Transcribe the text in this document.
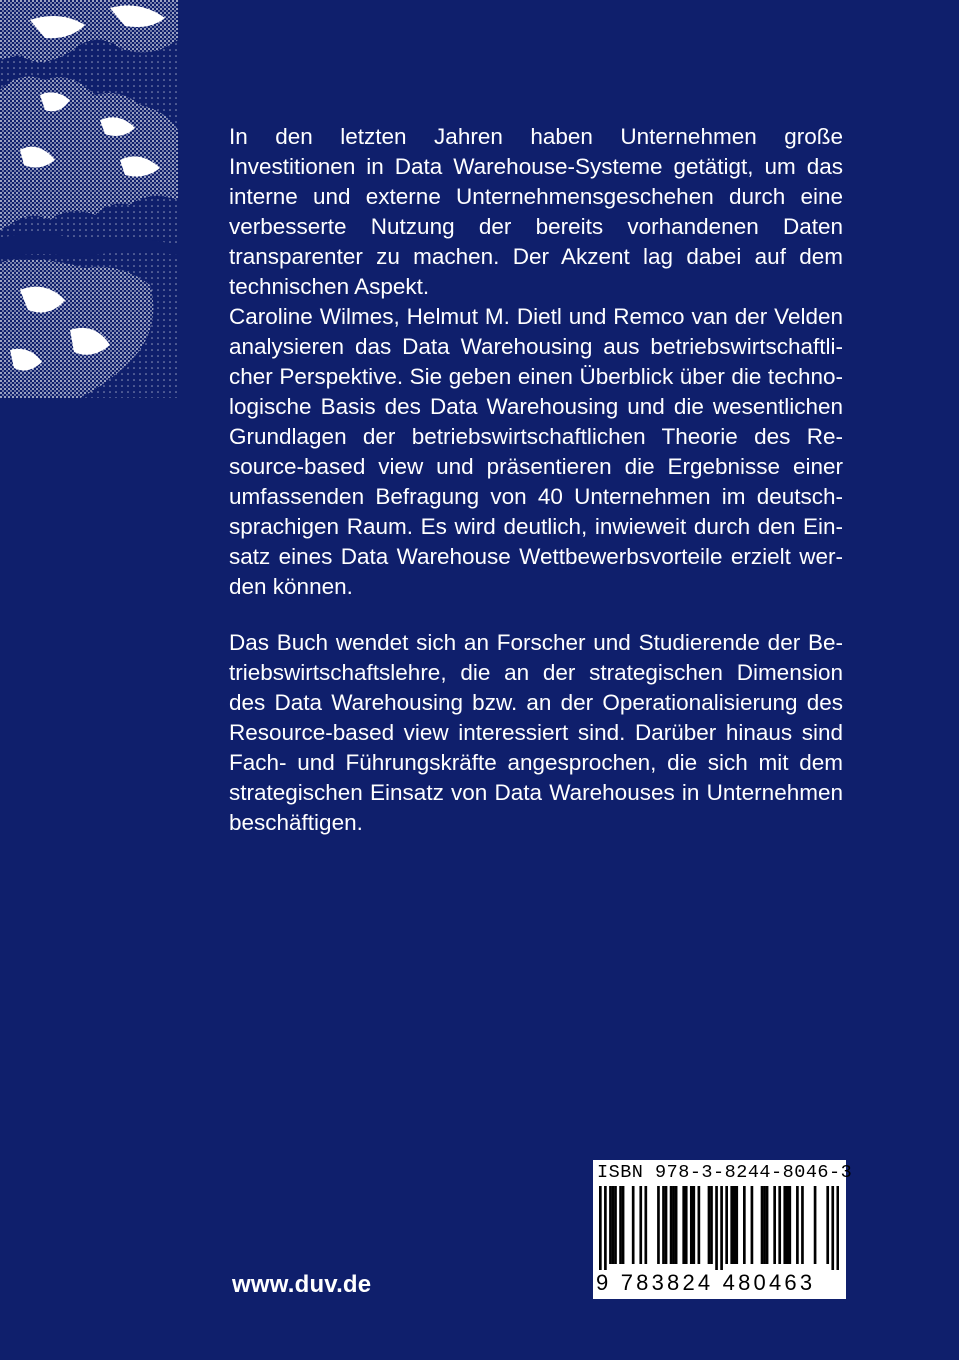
In den letzten Jahren haben Unternehmen große Investitionen in Data Warehouse-Systeme getätigt, um das interne und externe Unternehmensgeschehen durch eine verbesserte Nutzung der bereits vorhandenen Daten transparenter zu machen. Der Akzent lag dabei auf dem technischen Aspekt.

Caroline Wilmes, Helmut M. Dietl und Remco van der Velden analysieren das Data Warehousing aus betriebswirtschaftlicher Perspektive. Sie geben einen Überblick über die technologische Basis des Data Warehousing und die wesentlichen Grundlagen der betriebswirtschaftlichen Theorie des Resource-based view und präsentieren die Ergebnisse einer umfassenden Befragung von 40 Unternehmen im deutschsprachigen Raum. Es wird deutlich, inwieweit durch den Einsatz eines Data Warehouse Wettbewerbsvorteile erzielt werden können.

Das Buch wendet sich an Forscher und Studierende der Betriebswirtschaftslehre, die an der strategischen Dimension des Data Warehousing bzw. an der Operationalisierung des Resource-based view interessiert sind. Darüber hinaus sind Fach- und Führungskräfte angesprochen, die sich mit dem strategischen Einsatz von Data Warehouses in Unternehmen beschäftigen.

www.duv.de
ISBN 978-3-8244-8046-3
9 783824 480463
